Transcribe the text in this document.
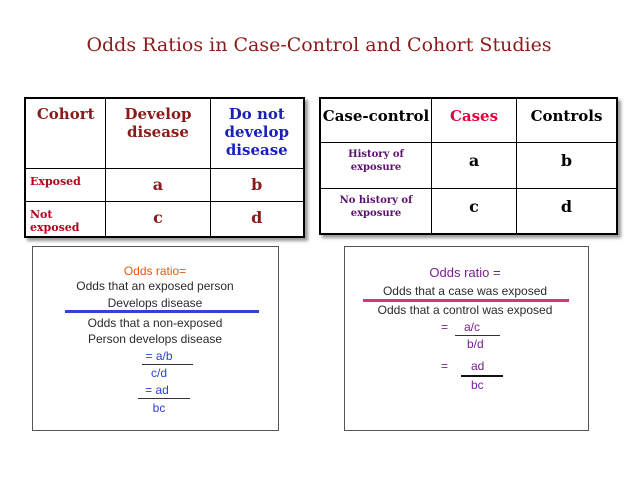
Odds Ratios in Case-Control and Cohort Studies
Cohort	Develop disease	Do not develop disease
Exposed	a	b
Not exposed	c	d
Case-control	Cases	Controls
History of exposure	a	b
No history of exposure	c	d
Odds ratio=
Odds that an exposed person
Develops disease
Odds that a non-exposed
Person develops disease
= a/b
c/d
= ad
bc
Odds ratio =
Odds that a case was exposed
Odds that a control was exposed
= a/c
b/d
= ad
bc
